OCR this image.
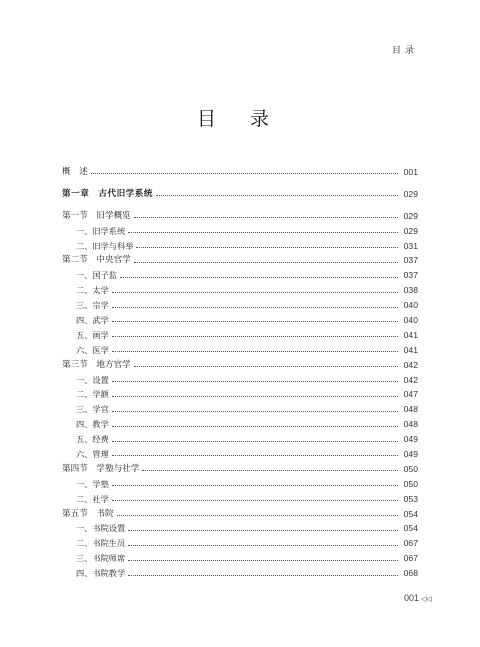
目录
目 录
概　述	001
第一章　古代旧学系统	029
第一节　旧学概览	029
一、旧学系统	029
二、旧学与科举	031
第二节　中央官学	037
一、国子监	037
二、太学	038
三、宗学	040
四、武学	040
五、画学	041
六、医学	041
第三节　地方官学	042
一、设置	042
二、学额	047
三、学官	048
四、教学	048
五、经费	049
六、管理	049
第四节　学塾与社学	050
一、学塾	050
二、社学	053
第五节　书院	054
一、书院设置	054
二、书院生员	067
三、书院师席	067
四、书院教学	068
001 ◁◁
